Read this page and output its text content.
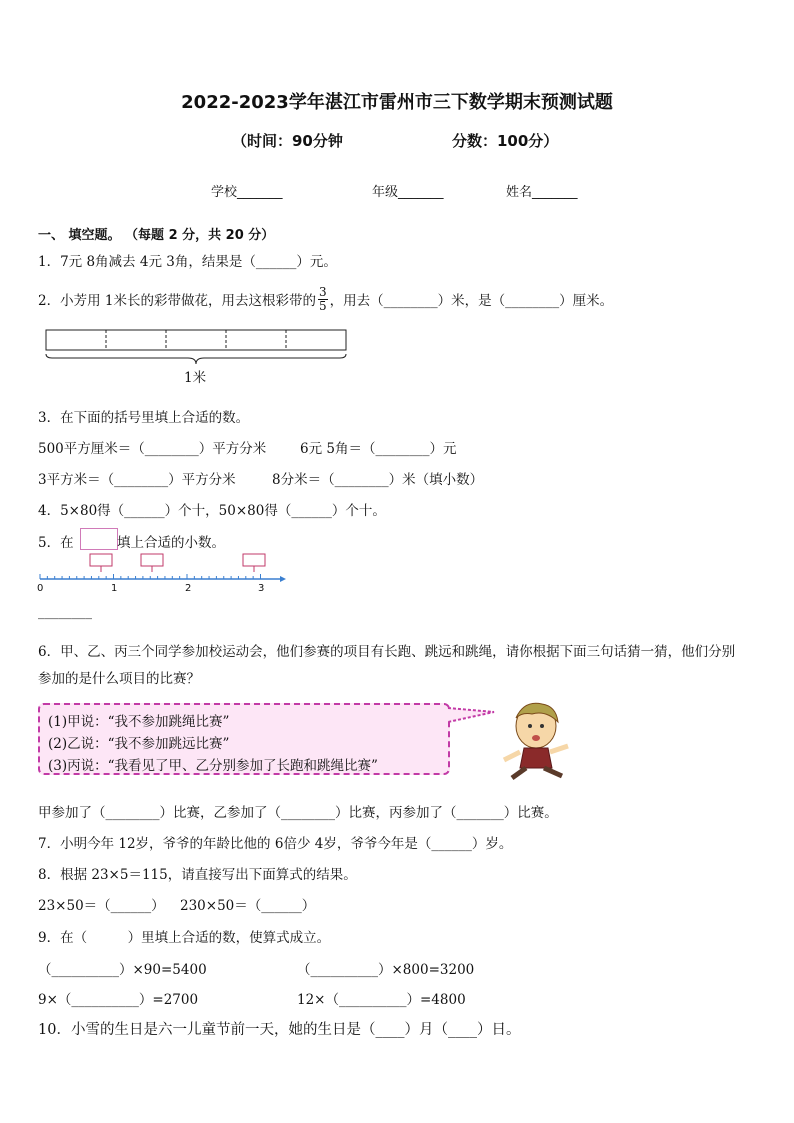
2022-2023学年湛江市雷州市三下数学期末预测试题
（时间：90分钟	分数：100分）
学校_______	年级_______	姓名_______
一、 填空题。 （每题 2 分，共 20 分）
1．7元 8角减去 4元 3角，结果是（______）元。
2．小芳用 1米长的彩带做花，用去这根彩带的 $\frac{3}{5}$ ，用去（________）米，是（________）厘米。
1米
3．在下面的括号里填上合适的数。
500平方厘米＝（________）平方分米 6元 5角＝（________）元
3平方米＝（________）平方分米	8分米＝（________）米（填小数）
4．5×80得（______）个十，50×80得（______）个十。
5．在	填上合适的小数。
0	1	2	3
________
6．甲、乙、丙三个同学参加校运动会，他们参赛的项目有长跑、跳远和跳绳，请你根据下面三句话猜一猜，他们分别
参加的是什么项目的比赛？
(1)甲说：“我不参加跳绳比赛”
(2)乙说：“我不参加跳远比赛”
(3)丙说：“我看见了甲、乙分别参加了长跑和跳绳比赛”
甲参加了（________）比赛，乙参加了（________）比赛，丙参加了（_______）比赛。
7．小明今年 12岁，爷爷的年龄比他的 6倍少 4岁，爷爷今年是（______）岁。
8．根据 23×5＝115，请直接写出下面算式的结果。
23×50＝（______） 230×50＝（______）
9．在（　　　）里填上合适的数，使算式成立。
（__________）×90=5400	（__________）×800=3200
9×（__________）=2700	12×（__________）=4800
10．小雪的生日是六一儿童节前一天，她的生日是（____）月（____）日。
